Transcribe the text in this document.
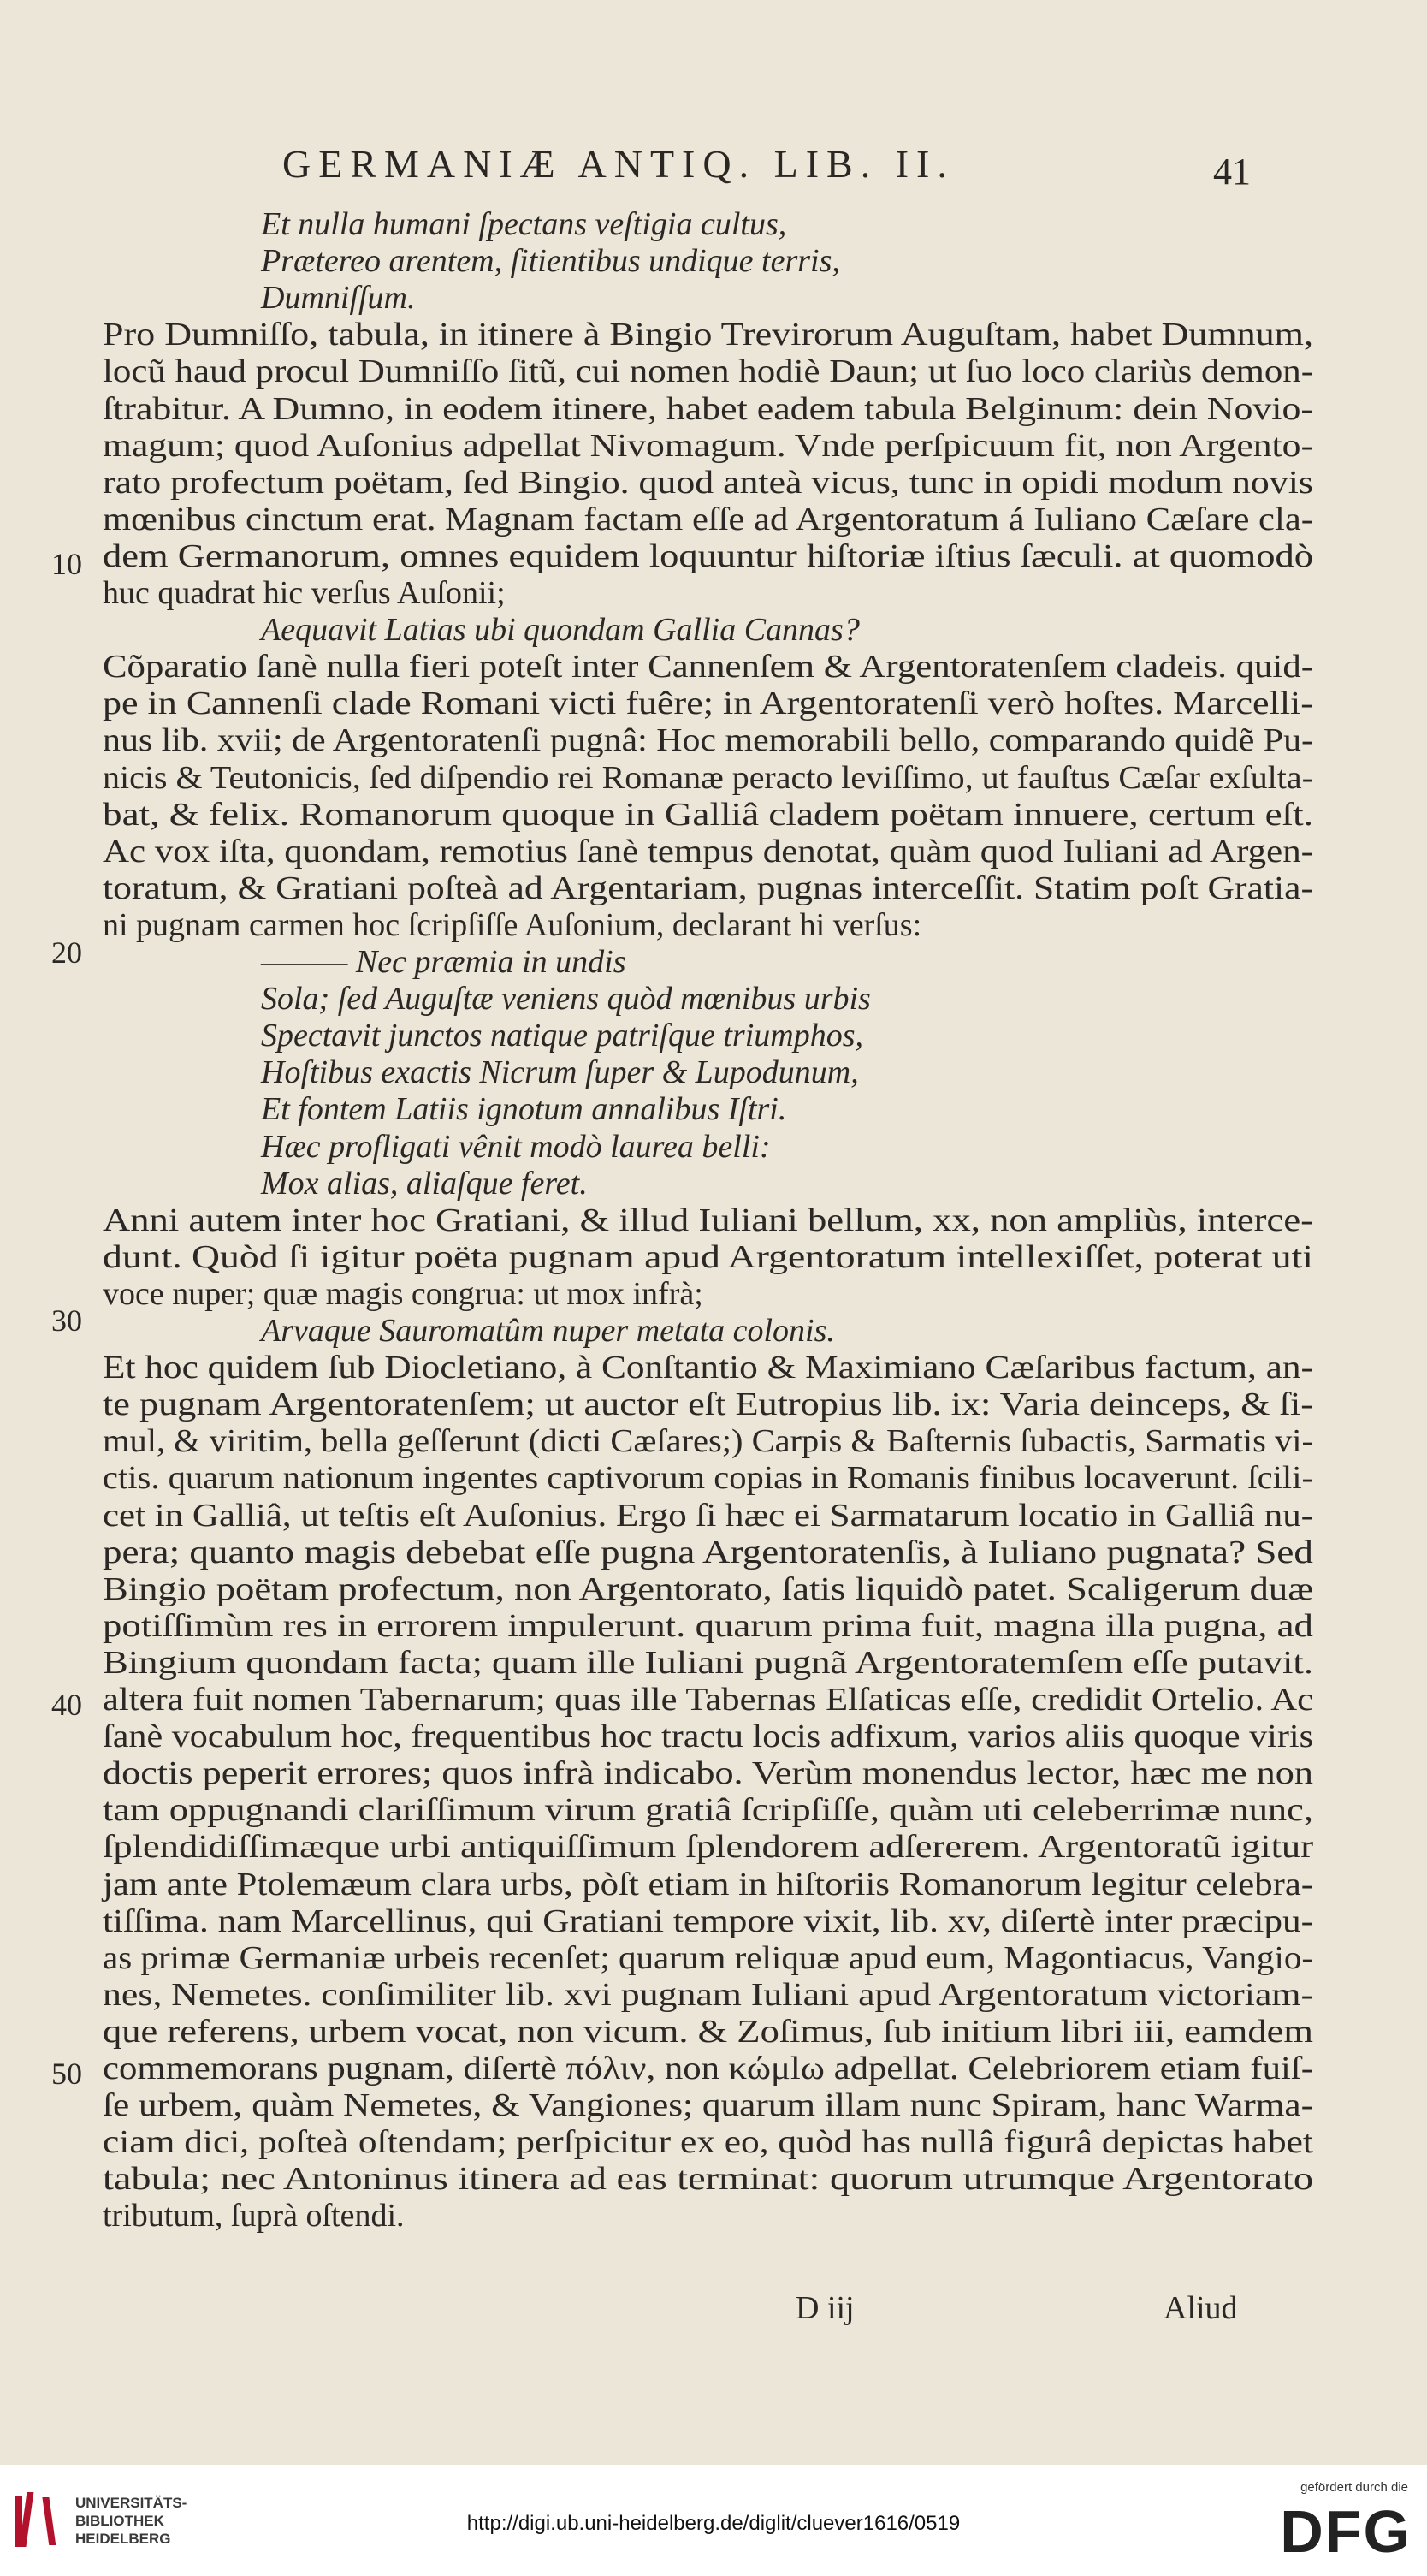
GERMANIÆ ANTIQ. LIB. II.	41
Et nulla humani ſpectans veſtigia cultus,
Prætereo arentem, ſitientibus undique terris,
Dumniſſum.
Pro Dumniſſo, tabula, in itinere à Bingio Trevirorum Auguſtam, habet Dumnum,
locũ haud procul Dumniſſo ſitũ, cui nomen hodiè Daun; ut ſuo loco clariùs demon-
ſtrabitur. A Dumno, in eodem itinere, habet eadem tabula Belginum: dein Novio-
magum; quod Auſonius adpellat Nivomagum. Vnde perſpicuum fit, non Argento-
rato profectum poëtam, ſed Bingio. quod anteà vicus, tunc in opidi modum novis
mœnibus cinctum erat. Magnam factam eſſe ad Argentoratum á Iuliano Cæſare cla-
dem Germanorum, omnes equidem loquuntur hiſtoriæ iſtius ſæculi. at quomodò
huc quadrat hic verſus Auſonii;
Aequavit Latias ubi quondam Gallia Cannas?
Cõparatio ſanè nulla fieri poteſt inter Cannenſem & Argentoratenſem cladeis. quid-
pe in Cannenſi clade Romani victi fuêre; in Argentoratenſi verò hoſtes. Marcelli-
nus lib. xvii; de Argentoratenſi pugnâ: Hoc memorabili bello, comparando quidẽ Pu-
nicis & Teutonicis, ſed diſpendio rei Romanæ peracto leviſſimo, ut fauſtus Cæſar exſulta-
bat, & felix. Romanorum quoque in Galliâ cladem poëtam innuere, certum eſt.
Ac vox iſta, quondam, remotius ſanè tempus denotat, quàm quod Iuliani ad Argen-
toratum, & Gratiani poſteà ad Argentariam, pugnas interceſſit. Statim poſt Gratia-
ni pugnam carmen hoc ſcripſiſſe Auſonium, declarant hi verſus:
——— Nec præmia in undis
Sola; ſed Auguſtæ veniens quòd mœnibus urbis
Spectavit junctos natique patriſque triumphos,
Hoſtibus exactis Nicrum ſuper & Lupodunum,
Et fontem Latiis ignotum annalibus Iſtri.
Hæc profligati vênit modò laurea belli:
Mox alias, aliaſque feret.
Anni autem inter hoc Gratiani, & illud Iuliani bellum, xx, non ampliùs, interce-
dunt. Quòd ſi igitur poëta pugnam apud Argentoratum intellexiſſet, poterat uti
voce nuper; quæ magis congrua: ut mox infrà;
Arvaque Sauromatûm nuper metata colonis.
Et hoc quidem ſub Diocletiano, à Conſtantio & Maximiano Cæſaribus factum, an-
te pugnam Argentoratenſem; ut auctor eſt Eutropius lib. ix: Varia deinceps, & ſi-
mul, & viritim, bella geſſerunt (dicti Cæſares;) Carpis & Baſternis ſubactis, Sarmatis vi-
ctis. quarum nationum ingentes captivorum copias in Romanis finibus locaverunt. ſcili-
cet in Galliâ, ut teſtis eſt Auſonius. Ergo ſi hæc ei Sarmatarum locatio in Galliâ nu-
pera; quanto magis debebat eſſe pugna Argentoratenſis, à Iuliano pugnata? Sed
Bingio poëtam profectum, non Argentorato, ſatis liquidò patet. Scaligerum duæ
potiſſimùm res in errorem impulerunt. quarum prima fuit, magna illa pugna, ad
Bingium quondam facta; quam ille Iuliani pugnã Argentoratemſem eſſe putavit.
altera fuit nomen Tabernarum; quas ille Tabernas Elſaticas eſſe, credidit Ortelio. Ac
ſanè vocabulum hoc, frequentibus hoc tractu locis adfixum, varios aliis quoque viris
doctis peperit errores; quos infrà indicabo. Verùm monendus lector, hæc me non
tam oppugnandi clariſſimum virum gratiâ ſcripſiſſe, quàm uti celeberrimæ nunc,
ſplendidiſſimæque urbi antiquiſſimum ſplendorem adſererem. Argentoratũ igitur
jam ante Ptolemæum clara urbs, pòſt etiam in hiſtoriis Romanorum legitur celebra-
tiſſima. nam Marcellinus, qui Gratiani tempore vixit, lib. xv, diſertè inter præcipu-
as primæ Germaniæ urbeis recenſet; quarum reliquæ apud eum, Magontiacus, Vangio-
nes, Nemetes. conſimiliter lib. xvi pugnam Iuliani apud Argentoratum victoriam-
que referens, urbem vocat, non vicum. & Zoſimus, ſub initium libri iii, eamdem
commemorans pugnam, diſertè πόλιν, non κώμlω adpellat. Celebriorem etiam fuiſ-
ſe urbem, quàm Nemetes, & Vangiones; quarum illam nunc Spiram, hanc Warma-
ciam dici, poſteà oſtendam; perſpicitur ex eo, quòd has nullâ figurâ depictas habet
tabula; nec Antoninus itinera ad eas terminat: quorum utrumque Argentorato
tributum, ſuprà oſtendi.
10
20
30
40
50
D iij	Aliud
UNIVERSITÄTS-
BIBLIOTHEK
HEIDELBERG
http://digi.ub.uni-heidelberg.de/diglit/cluever1616/0519
gefördert durch die
DFG
